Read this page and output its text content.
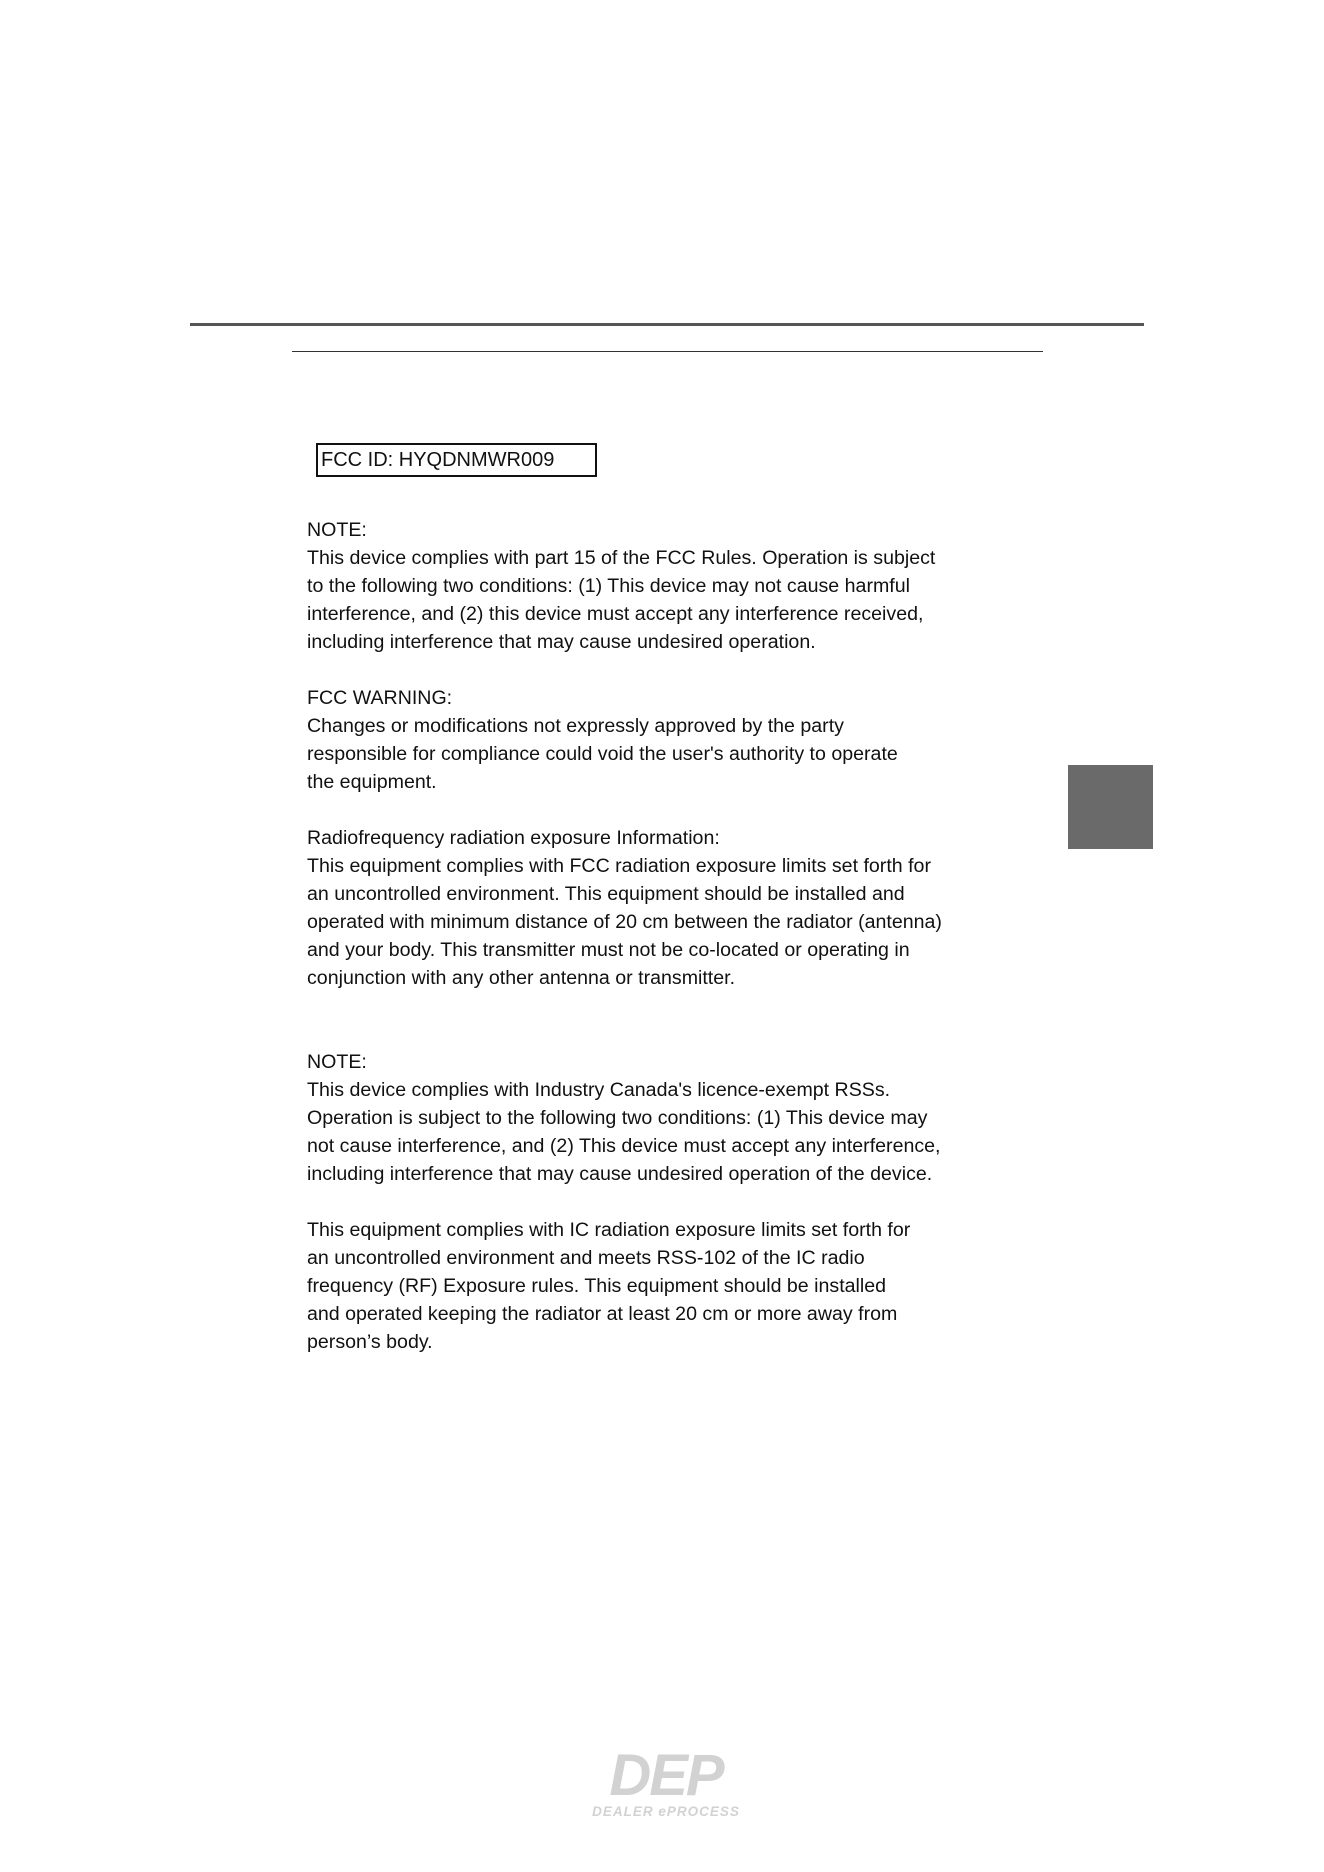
FCC ID: HYQDNMWR009

NOTE:

This device complies with part 15 of the FCC Rules. Operation is subject

to the following two conditions: (1) This device may not cause harmful

interference, and (2) this device must accept any interference received,

including interference that may cause undesired operation.

FCC WARNING:

Changes or modifications not expressly approved by the party

responsible for compliance could void the user's authority to operate

the equipment.

Radiofrequency radiation exposure Information:

This equipment complies with FCC radiation exposure limits set forth for

an uncontrolled environment. This equipment should be installed and

operated with minimum distance of 20 cm between the radiator (antenna)

and your body. This transmitter must not be co-located or operating in

conjunction with any other antenna or transmitter.

NOTE:

This device complies with Industry Canada's licence-exempt RSSs.

Operation is subject to the following two conditions: (1) This device may

not cause interference, and (2) This device must accept any interference,

including interference that may cause undesired operation of the device.

This equipment complies with IC radiation exposure limits set forth for

an uncontrolled environment and meets RSS-102 of the IC radio

frequency (RF) Exposure rules. This equipment should be installed

and operated keeping the radiator at least 20 cm or more away from

person’s body.

DEP
DEALER ePROCESS
